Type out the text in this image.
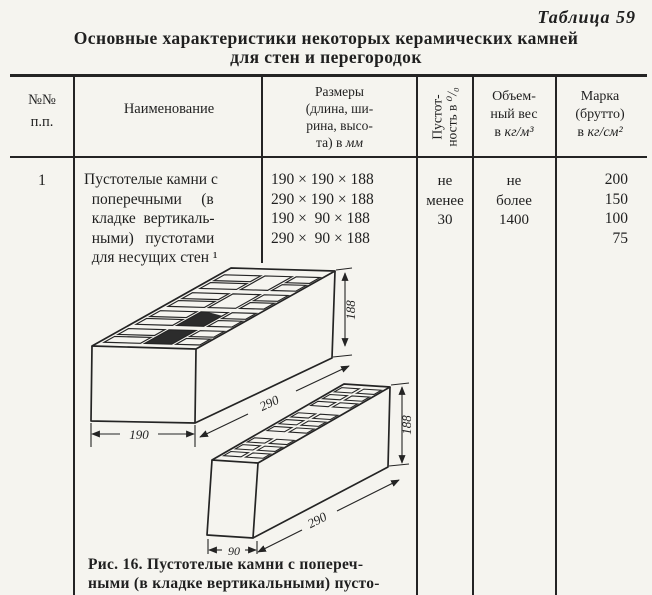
Таблица 59
Основные характеристики некоторых керамических камней
для стен и перегородок
№№
п.п.
Наименование
Размеры
(длина, ши-
рина, высо-
та) в мм
Пустот- ность в ⁰/₀	Объем-
ный вес
в кг/м³
Марка
(брутто)
в кг/см²
1	Пустотелые камни с
поперечными     (в
кладке  вертикаль-
ными)   пустотами
для несущих стен ¹
190 × 190 × 188
290 × 190 × 188
190 ×  90 × 188
290 ×  90 × 188
не
менее
30
не
более
1400
200
150
100
75
188
190
290
188
90
290
Рис. 16. Пустотелые камни с попереч-
ными (в кладке вертикальными) пусто-
